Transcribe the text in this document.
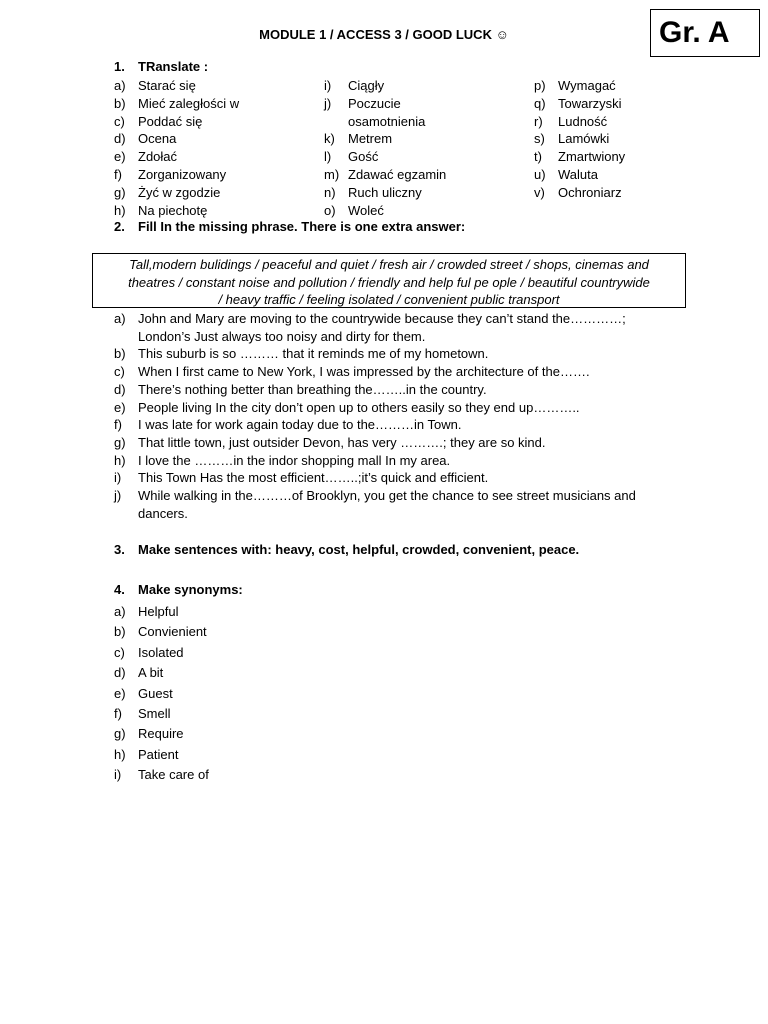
MODULE 1 / ACCESS 3 / GOOD LUCK ☺	Gr. A
1. TRanslate :
a) Starać się
b) Mieć zaległości w
c) Poddać się
d) Ocena
e) Zdołać
f) Zorganizowany
g) Żyć w zgodzie
h) Na piechotę
i) Ciągły
j) Poczucie
osamotnienia
k) Metrem
l) Gość
m) Zdawać egzamin
n) Ruch uliczny
o) Woleć
p) Wymagać
q) Towarzyski
r) Ludność
s) Lamówki
t) Zmartwiony
u) Waluta
v) Ochroniarz
2. Fill In the missing phrase. There is one extra answer:
Tall,modern bulidings / peaceful and quiet / fresh air / crowded street / shops, cinemas and
theatres / constant noise and pollution / friendly and help ful pe ople / beautiful countrywide
/ heavy traffic / feeling isolated / convenient public transport
a) John and Mary are moving to the countrywide because they can’t stand the…………;
London’s Just always too noisy and dirty for them.
b) This suburb is so ……… that it reminds me of my hometown.
c) When I first came to New York, I was impressed by the architecture of the…….
d) There’s nothing better than breathing the……..in the country.
e) People living In the city don’t open up to others easily so they end up………..
f) I was late for work again today due to the………in Town.
g) That little town, just outsider Devon, has very ……….; they are so kind.
h) I love the ………in the indor shopping mall In my area.
i) This Town Has the most efficient……..;it’s quick and efficient.
j) While walking in the………of Brooklyn, you get the chance to see street musicians and
dancers.
3. Make sentences with: heavy, cost, helpful, crowded, convenient, peace.
4. Make synonyms:
a) Helpful
b) Convienient
c) Isolated
d) A bit
e) Guest
f) Smell
g) Require
h) Patient
i) Take care of
